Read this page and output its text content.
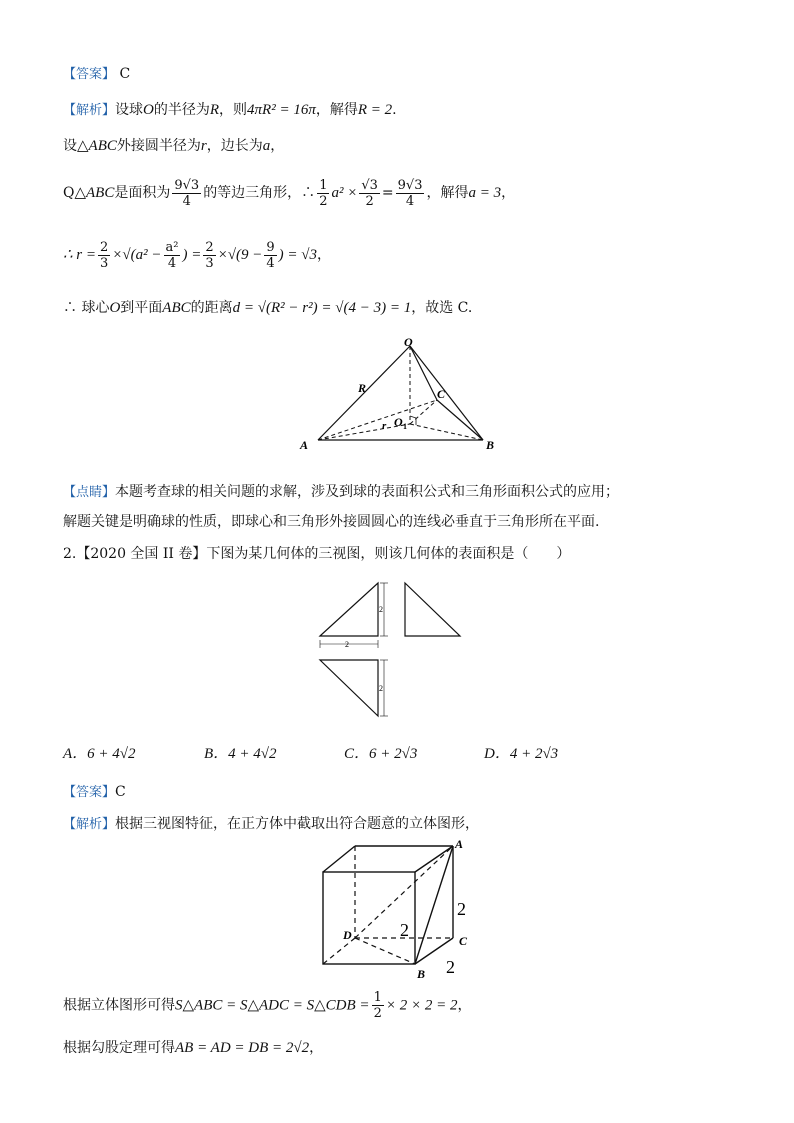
【答案】 C
【解析】设球O的半径为R，则4πR² = 16π，解得R = 2.
设△ABC外接圆半径为r，边长为a，
Q△ABC是面积为 $\frac{9√3}{4}$ 的等边三角形，∴ $\frac{1}{2} a^2 \times \frac{√3}{2} = \frac{9√3}{4}$ ，解得a = 3，
∴ $r = \frac{2}{3} \times√(a^2 - \frac{\text{a²}}{4}$ ) = $\frac{2}{3} \times√(9 - \frac{9}{4}$ ) = √3，
∴ 球心O到平面ABC的距离d = √(R² − r²) = √(4 − 3) = 1，故选 C.
O
A	B
C
R
r O 1
【点睛】本题考查球的相关问题的求解，涉及到球的表面积公式和三角形面积公式的应用；
解题关键是明确球的性质，即球心和三角形外接圆圆心的连线必垂直于三角形所在平面.
2.【2020 全国 II 卷】下图为某几何体的三视图，则该几何体的表面积是（　　）
2
2
2
A．6 + 4√2	B．4 + 4√2	C．6 + 2√3	D．4 + 2√3
【答案】C
【解析】根据三视图特征，在正方体中截取出符合题意的立体图形，
A
B
C
D
2
2
2
根据立体图形可得S△ABC = S△ADC = S△CDB = $\frac{1}{2} \times 2 \times 2 = 2$，
根据勾股定理可得AB = AD = DB = 2√2，
